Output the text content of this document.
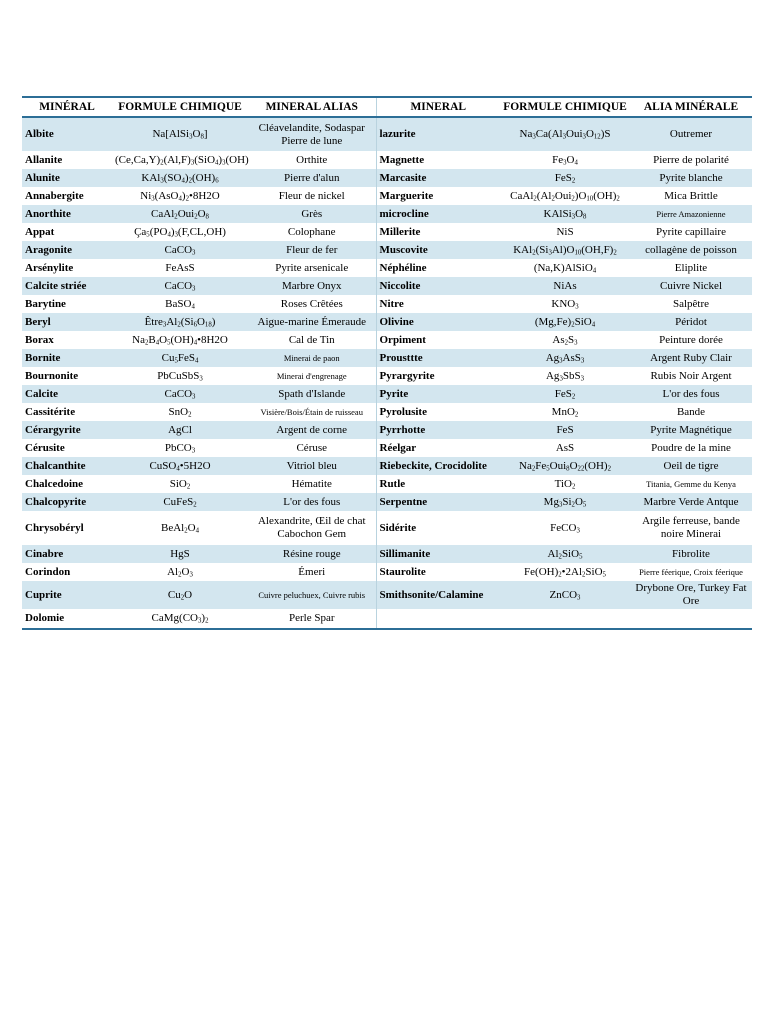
MINÉRAL	FORMULE CHIMIQUE	MINERAL ALIAS	MINERAL	FORMULE CHIMIQUE	ALIA MINÉRALE
Albite	$Na[AlSi_3O_8]$	Cléavelandite, Sodaspar Pierre de lune	lazurite	$Na_3Ca(Al_3Oui_3O_{12})S$	Outremer
Allanite	$(Ce,Ca,Y)_2(Al,F)_3(SiO_4)_3(OH)$	Orthite	Magnette	$Fe_3O_4$	Pierre de polarité
Alunite	$KAl_3(SO_4)_2(OH)_6$	Pierre d'alun	Marcasite	FeS$_2$	Pyrite blanche
Annabergite	$Ni_3(AsO_4)_2•8H2O$	Fleur de nickel	Marguerite	$CaAl_2(Al_2Oui_2)O_{10}(OH)_2$	Mica Brittle
Anorthite	$CaAl_2Oui_2O_8$	Grès	microcline	$KAlSi_3O_8$	Pierre Amazonienne
Appat	$Ça_5(PO_4)_3(F,CL,OH)$	Colophane	Millerite	NiS	Pyrite capillaire
Aragonite	CaCO$_3$	Fleur de fer	Muscovite	$KAl_2(Si_3Al)O_{10}(OH,F)_2$	collagène de poisson
Arsénylite	FeAsS	Pyrite arsenicale	Néphéline	(Na,K)AlSiO$_4$	Eliplite
Calcite striée	CaCO$_3$	Marbre Onyx	Niccolite	NiAs	Cuivre Nickel
Barytine	BaSO$_4$	Roses Crêtées	Nitre	$KNO_3$	Salpêtre
Beryl	$Être_3Al_2(Si_6O_{18})$	Aigue-marine Émeraude	Olivine	$(Mg,Fe)_2SiO_4$	Péridot
Borax	$Na_2B_4O_5(OH)_4•8H2O$	Cal de Tin	Orpiment	$As_2S_3$	Peinture dorée
Bornite	$Cu_5FeS_4$	Minerai de paon	Prousttte	$Ag_3AsS_3$	Argent Ruby Clair
Bournonite	PbCuSbS$_3$	Minerai d'engrenage	Pyrargyrite	$Ag_3SbS_3$	Rubis Noir Argent
Calcite	CaCO$_3$	Spath d'Islande	Pyrite	FeS$_2$	L'or des fous
Cassitérite	SnO$_2$	Visière/Bois/Étain de ruisseau	Pyrolusite	MnO$_2$	Bande
Cérargyrite	AgCl	Argent de corne	Pyrrhotte	FeS	Pyrite Magnétique
Cérusite	PbCO$_3$	Céruse	Réelgar	AsS	Poudre de la mine
Chalcanthite	CuSO$_4$•5H2O	Vitriol bleu	Riebeckite, Crocidolite	$Na_2Fe_5Oui_8O_{22}(OH)_2$	Oeil de tigre
Chalcedoine	SiO$_2$	Hématite	Rutle	TiO$_2$	Titania, Gemme du Kenya
Chalcopyrite	CuFeS$_2$	L'or des fous	Serpentne	$Mg_3Si_2O_5$	Marbre Verde Antque
Chrysobéryl	$BeAl_2O_4$	Alexandrite, Œil de chat Cabochon Gem	Sidérite	FeCO$_3$	Argile ferreuse, bande noire Minerai
Cinabre	HgS	Résine rouge	Sillimanite	$Al_2SiO_5$	Fibrolite
Corindon	$Al_2O_3$	Émeri	Staurolite	$Fe(OH)_2•2Al_2SiO_5$	Pierre féerique, Croix féerique
Cuprite	$Cu_2O$	Cuivre peluchuex, Cuivre rubis	Smithsonite/Calamine	ZnCO$_3$	Drybone Ore, Turkey Fat Ore
Dolomie	$CaMg(CO_3)_2$	Perle Spar			
